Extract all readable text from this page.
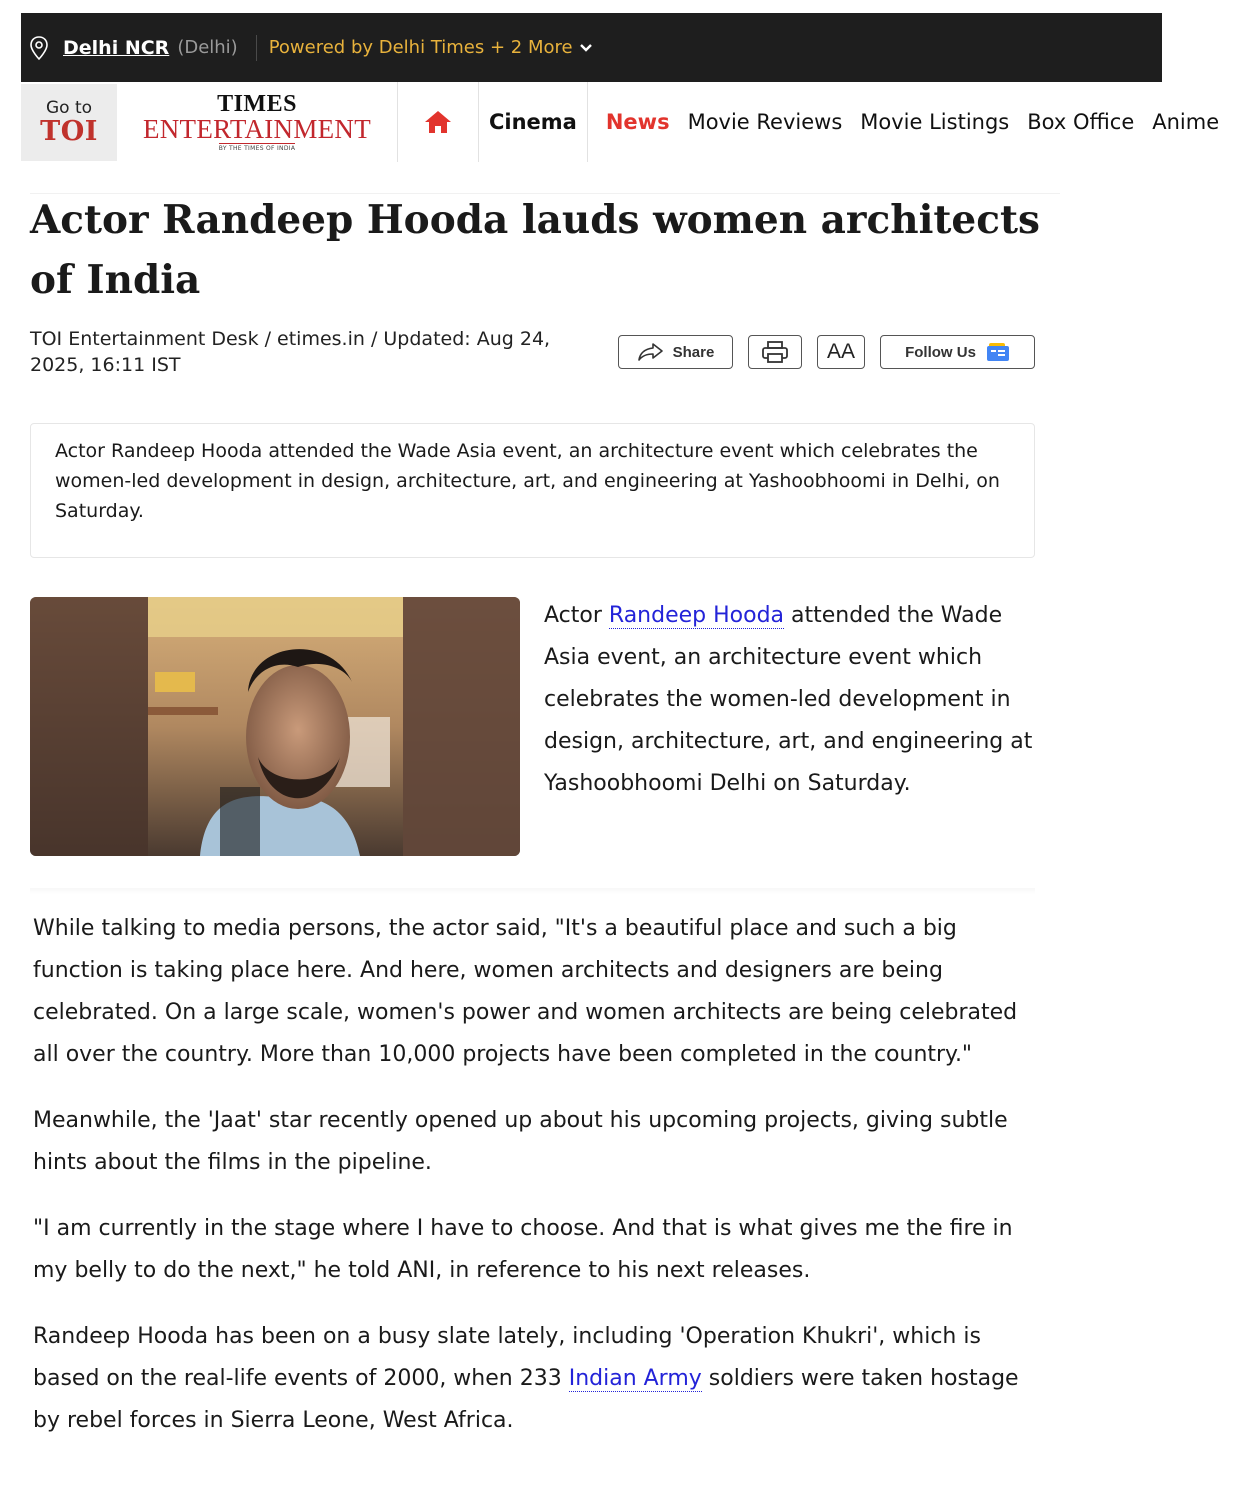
Delhi NCR (Delhi) Powered by Delhi Times + 2 More
Go to
TOI
TIMES
ENTERTAINMENT
BY THE TIMES OF INDIA
Cinema	News Movie Reviews Movie Listings Box Office Anime
Actor Randeep Hooda lauds women architects of India
TOI Entertainment Desk / etimes.in / Updated: Aug 24, 2025, 16:11 IST
Share	AA	Follow Us
Actor Randeep Hooda attended the Wade Asia event, an architecture event which celebrates the women-led development in design, architecture, art, and engineering at Yashoobhoomi in Delhi, on Saturday.
Actor Randeep Hooda attended the Wade Asia event, an architecture event which celebrates the women-led development in design, architecture, art, and engineering at Yashoobhoomi Delhi on Saturday.

While talking to media persons, the actor said, "It's a beautiful place and such a big function is taking place here. And here, women architects and designers are being celebrated. On a large scale, women's power and women architects are being celebrated all over the country. More than 10,000 projects have been completed in the country."

Meanwhile, the 'Jaat' star recently opened up about his upcoming projects, giving subtle hints about the films in the pipeline.

"I am currently in the stage where I have to choose. And that is what gives me the fire in my belly to do the next," he told ANI, in reference to his next releases.

Randeep Hooda has been on a busy slate lately, including 'Operation Khukri', which is based on the real-life events of 2000, when 233 Indian Army soldiers were taken hostage by rebel forces in Sierra Leone, West Africa.
